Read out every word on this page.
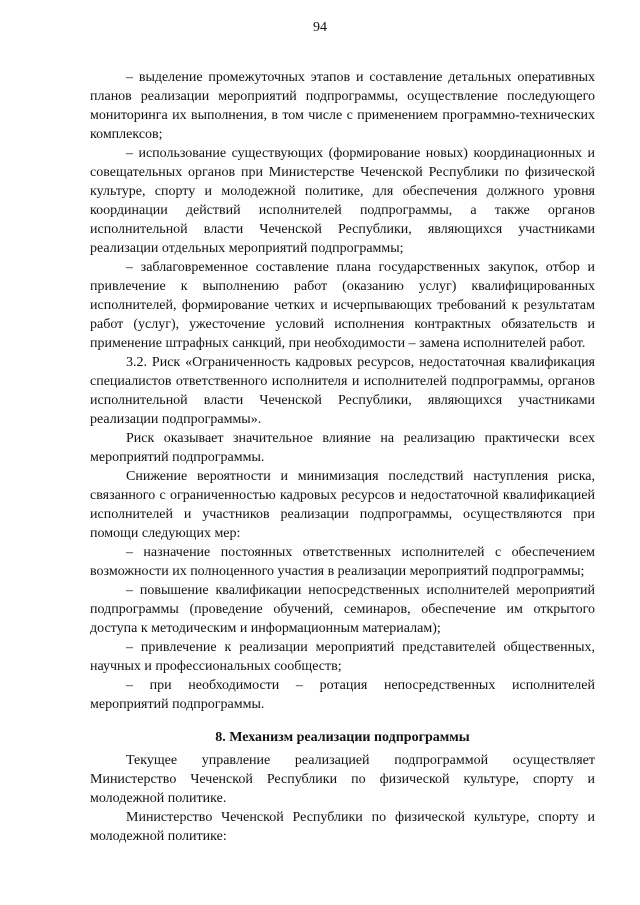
94

– выделение промежуточных этапов и составление детальных оперативных планов реализации мероприятий подпрограммы, осуществление последующего мониторинга их выполнения, в том числе с применением программно-технических комплексов;

– использование существующих (формирование новых) координационных и совещательных органов при Министерстве Чеченской Республики по физической культуре, спорту и молодежной политике, для обеспечения должного уровня координации действий исполнителей подпрограммы, а также органов исполнительной власти Чеченской Республики, являющихся участниками реализации отдельных мероприятий подпрограммы;

– заблаговременное составление плана государственных закупок, отбор и привлечение к выполнению работ (оказанию услуг) квалифицированных исполнителей, формирование четких и исчерпывающих требований к результатам работ (услуг), ужесточение условий исполнения контрактных обязательств и применение штрафных санкций, при необходимости – замена исполнителей работ.

3.2. Риск «Ограниченность кадровых ресурсов, недостаточная квалификация специалистов ответственного исполнителя и исполнителей подпрограммы, органов исполнительной власти Чеченской Республики, являющихся участниками реализации подпрограммы».

Риск оказывает значительное влияние на реализацию практически всех мероприятий подпрограммы.

Снижение вероятности и минимизация последствий наступления риска, связанного с ограниченностью кадровых ресурсов и недостаточной квалификацией исполнителей и участников реализации подпрограммы, осуществляются при помощи следующих мер:

– назначение постоянных ответственных исполнителей с обеспечением возможности их полноценного участия в реализации мероприятий подпрограммы;

– повышение квалификации непосредственных исполнителей мероприятий подпрограммы (проведение обучений, семинаров, обеспечение им открытого доступа к методическим и информационным материалам);

– привлечение к реализации мероприятий представителей общественных, научных и профессиональных сообществ;

– при необходимости – ротация непосредственных исполнителей мероприятий подпрограммы.

8. Механизм реализации подпрограммы

Текущее управление реализацией подпрограммой осуществляет Министерство Чеченской Республики по физической культуре, спорту и молодежной политике.

Министерство Чеченской Республики по физической культуре, спорту и молодежной политике:
